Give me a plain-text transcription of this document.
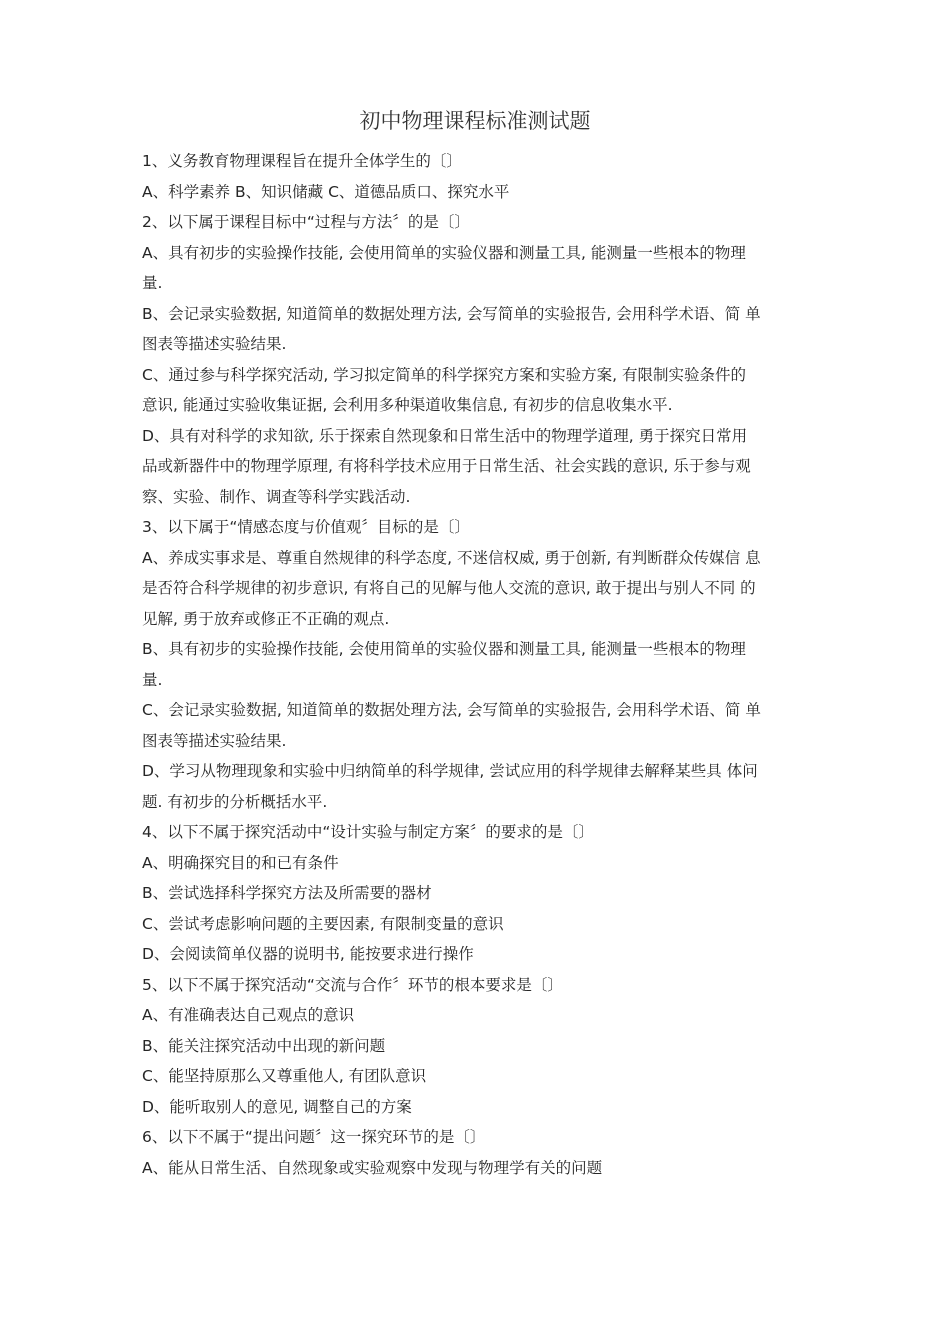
初中物理课程标准测试题
1、义务教育物理课程旨在提升全体学生的〔〕
A、科学素养 B、知识储藏 C、道德品质口、探究水平
2、以下属于课程目标中“过程与方法〞的是〔〕
A、具有初步的实验操作技能, 会使用简单的实验仪器和测量工具, 能测量一些根本的物理
量.
B、会记录实验数据, 知道简单的数据处理方法, 会写简单的实验报告, 会用科学术语、简 单
图表等描述实验结果.
C、通过参与科学探究活动, 学习拟定简单的科学探究方案和实验方案, 有限制实验条件的
意识, 能通过实验收集证据, 会利用多种渠道收集信息, 有初步的信息收集水平.
D、具有对科学的求知欲, 乐于探索自然现象和日常生活中的物理学道理, 勇于探究日常用
品或新器件中的物理学原理, 有将科学技术应用于日常生活、社会实践的意识, 乐于参与观
察、实验、制作、调查等科学实践活动.
3、以下属于“情感态度与价值观〞目标的是〔〕
A、养成实事求是、尊重自然规律的科学态度, 不迷信权威, 勇于创新, 有判断群众传媒信 息
是否符合科学规律的初步意识, 有将自己的见解与他人交流的意识, 敢于提出与别人不同 的
见解, 勇于放弃或修正不正确的观点.
B、具有初步的实验操作技能, 会使用简单的实验仪器和测量工具, 能测量一些根本的物理
量.
C、会记录实验数据, 知道简单的数据处理方法, 会写简单的实验报告, 会用科学术语、简 单
图表等描述实验结果.
D、学习从物理现象和实验中归纳简单的科学规律, 尝试应用的科学规律去解释某些具 体问
题. 有初步的分析概括水平.
4、以下不属于探究活动中“设计实验与制定方案〞的要求的是〔〕
A、明确探究目的和已有条件
B、尝试选择科学探究方法及所需要的器材
C、尝试考虑影响问题的主要因素, 有限制变量的意识
D、会阅读简单仪器的说明书, 能按要求进行操作
5、以下不属于探究活动“交流与合作〞环节的根本要求是〔〕
A、有准确表达自己观点的意识
B、能关注探究活动中出现的新问题
C、能坚持原那么又尊重他人, 有团队意识
D、能听取别人的意见, 调整自己的方案
6、以下不属于“提出问题〞这一探究环节的是〔〕
A、能从日常生活、自然现象或实验观察中发现与物理学有关的问题
